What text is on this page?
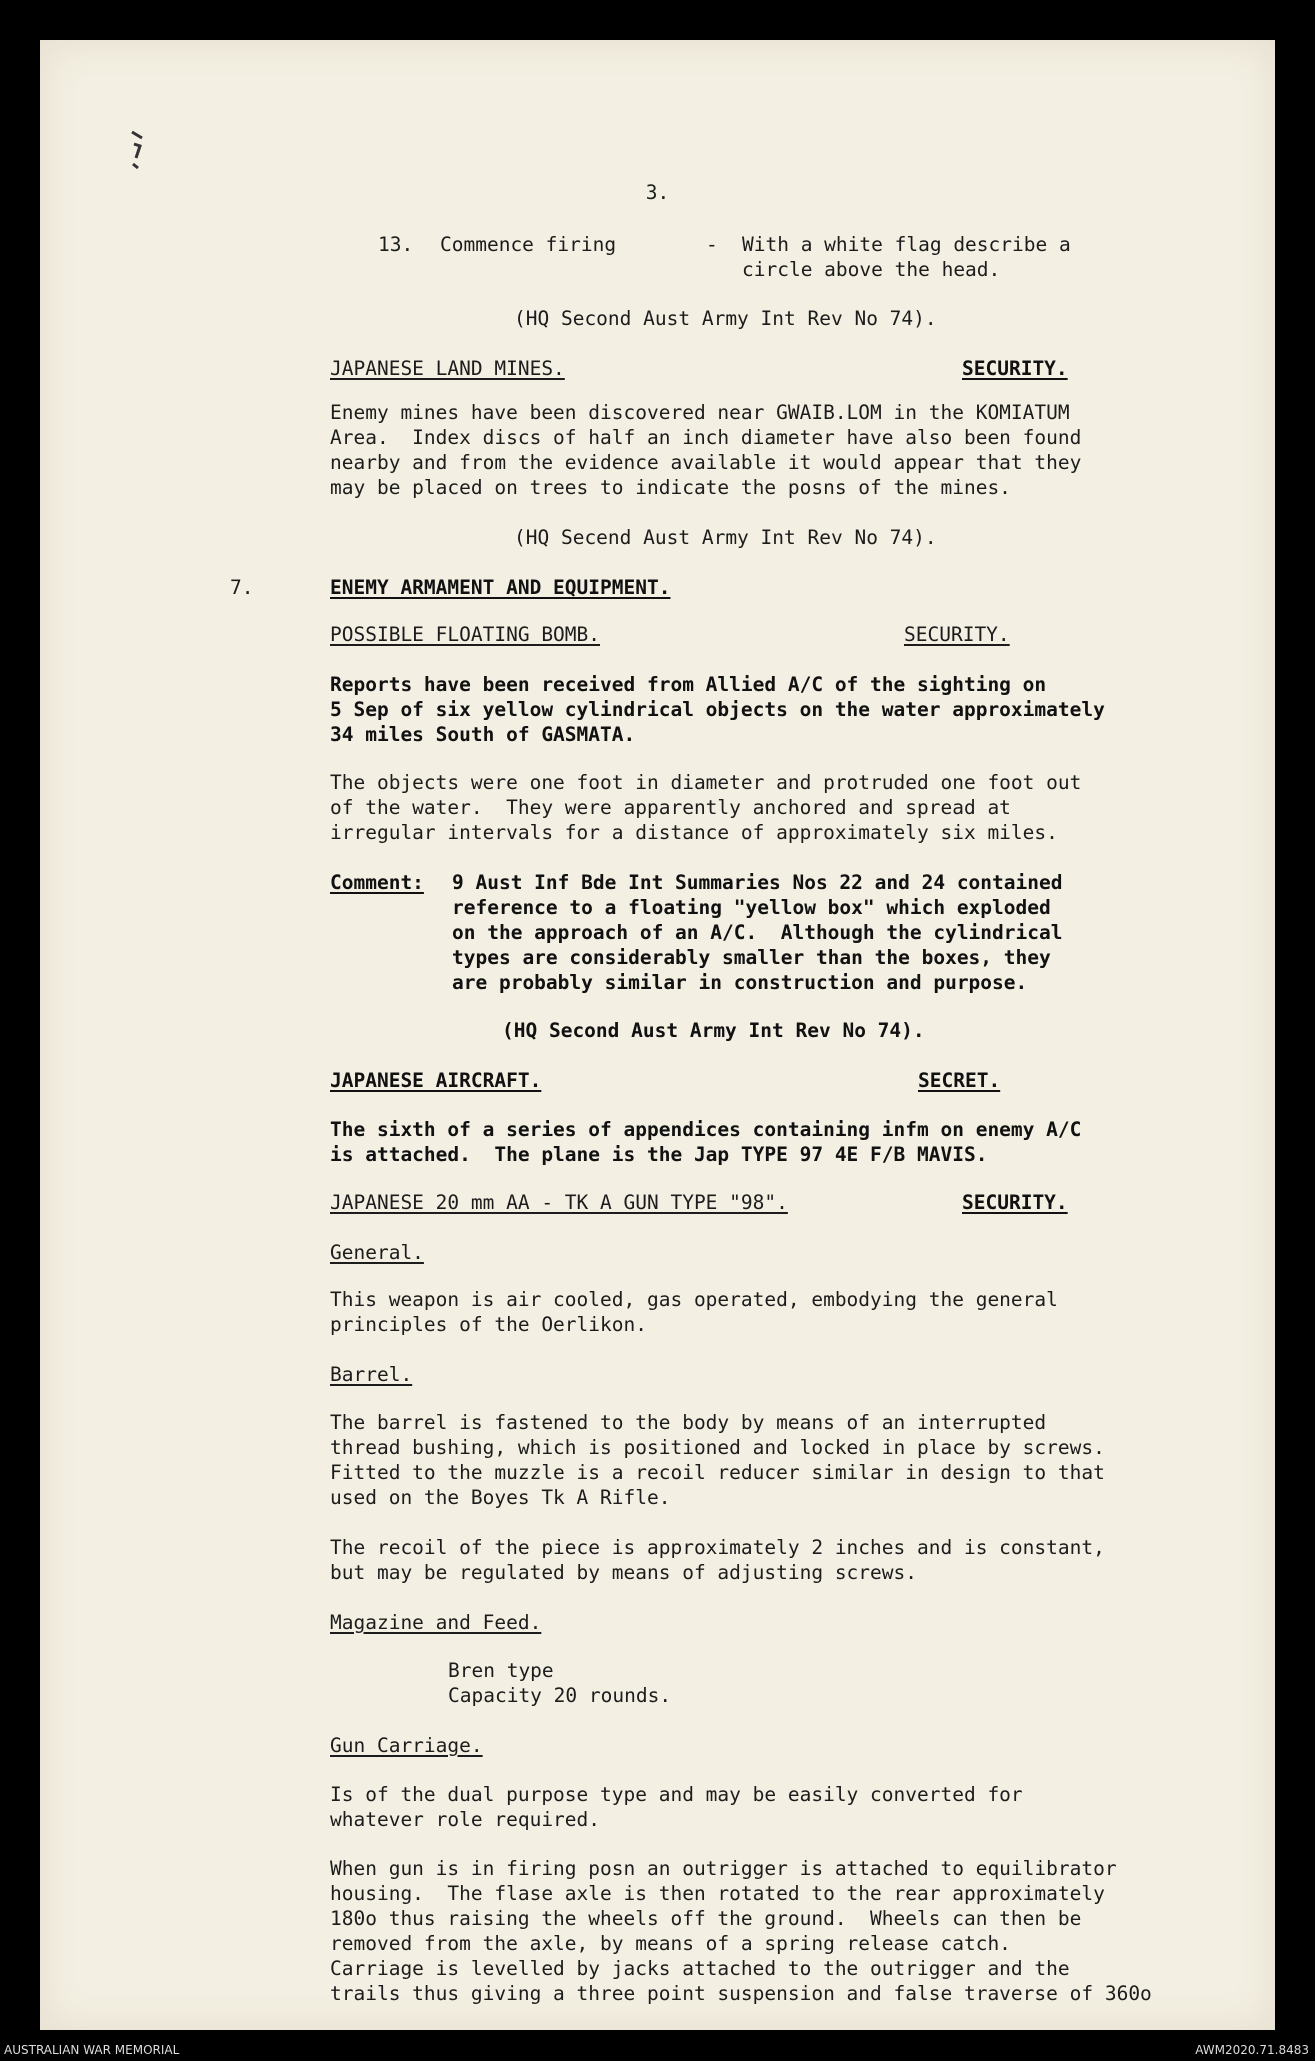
3.
13. Commence firing	- With a white flag describe a
circle above the head.
(HQ Second Aust Army Int Rev No 74).
JAPANESE LAND MINES.	SECURITY.
Enemy mines have been discovered near GWAIB.LOM in the KOMIATUM
Area.  Index discs of half an inch diameter have also been found
nearby and from the evidence available it would appear that they
may be placed on trees to indicate the posns of the mines.
(HQ Secend Aust Army Int Rev No 74).
7.	ENEMY ARMAMENT AND EQUIPMENT.
POSSIBLE FLOATING BOMB.	SECURITY.
Reports have been received from Allied A/C of the sighting on
5 Sep of six yellow cylindrical objects on the water approximately
34 miles South of GASMATA.
The objects were one foot in diameter and protruded one foot out
of the water.  They were apparently anchored and spread at
irregular intervals for a distance of approximately six miles.
Comment: 9 Aust Inf Bde Int Summaries Nos 22 and 24 contained
reference to a floating "yellow box" which exploded
on the approach of an A/C.  Although the cylindrical
types are considerably smaller than the boxes, they
are probably similar in construction and purpose.
(HQ Second Aust Army Int Rev No 74).
JAPANESE AIRCRAFT.	SECRET.
The sixth of a series of appendices containing infm on enemy A/C
is attached.  The plane is the Jap TYPE 97 4E F/B MAVIS.
JAPANESE 20 mm AA - TK A GUN TYPE "98".	SECURITY.
General.
This weapon is air cooled, gas operated, embodying the general
principles of the Oerlikon.
Barrel.
The barrel is fastened to the body by means of an interrupted
thread bushing, which is positioned and locked in place by screws.
Fitted to the muzzle is a recoil reducer similar in design to that
used on the Boyes Tk A Rifle.
The recoil of the piece is approximately 2 inches and is constant,
but may be regulated by means of adjusting screws.
Magazine and Feed.
Bren type
Capacity 20 rounds.
Gun Carriage.
Is of the dual purpose type and may be easily converted for
whatever role required.
When gun is in firing posn an outrigger is attached to equilibrator
housing.  The flase axle is then rotated to the rear approximately
180o thus raising the wheels off the ground.  Wheels can then be
removed from the axle, by means of a spring release catch.
Carriage is levelled by jacks attached to the outrigger and the
trails thus giving a three point suspension and false traverse of 360o
AUSTRALIAN WAR MEMORIAL	AWM2020.71.8483
